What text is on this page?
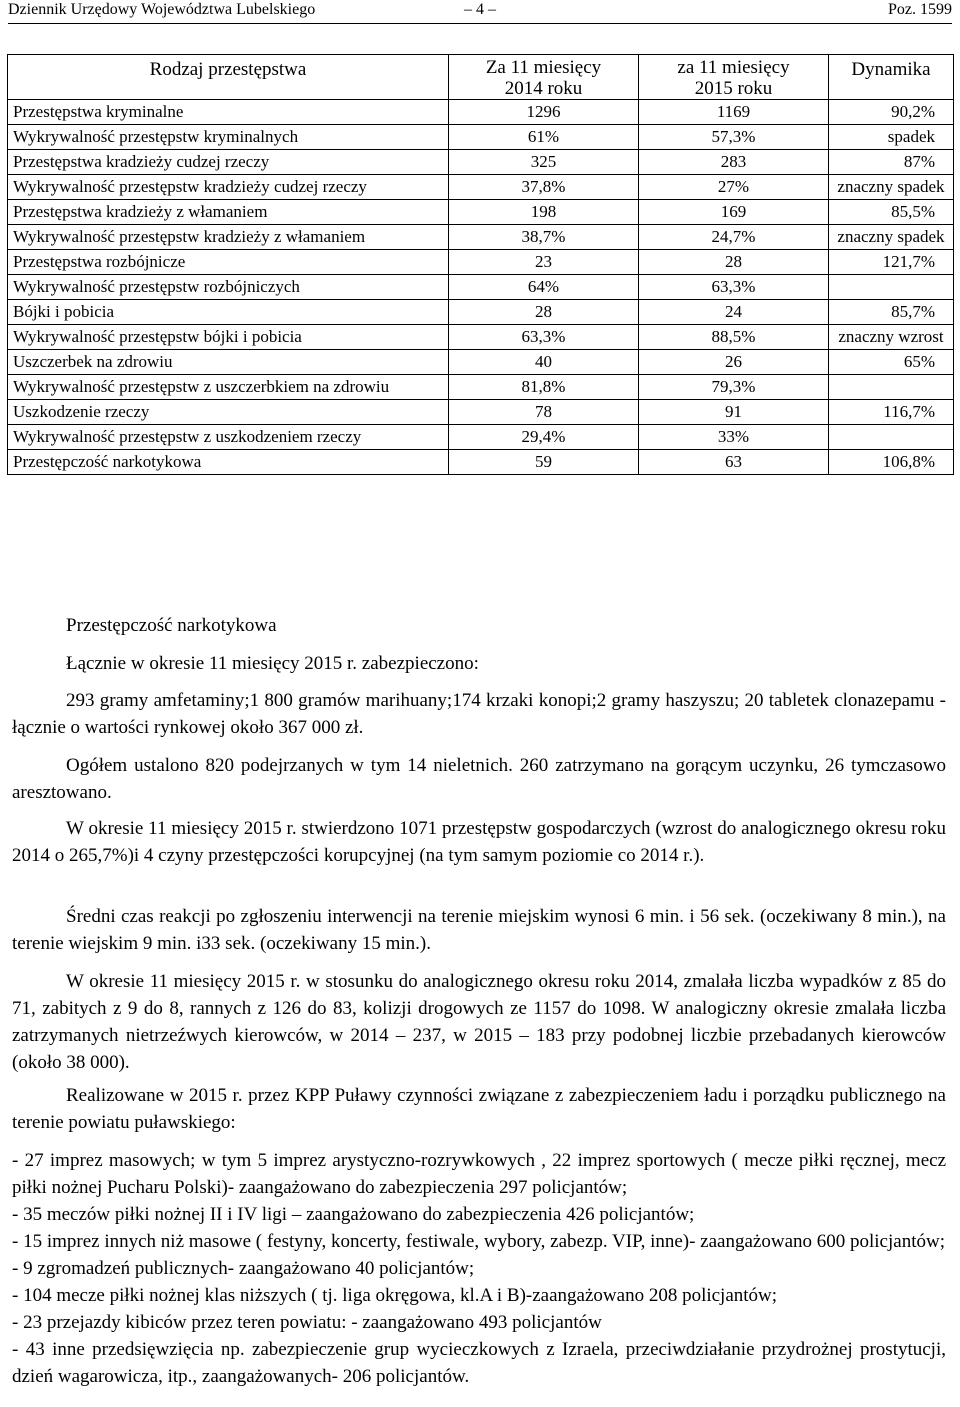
Dziennik Urzędowy Województwa Lubelskiego	– 4 –	Poz. 1599
Rodzaj przestępstwa	Za 11 miesięcy 2014 roku	za 11 miesięcy 2015 roku	Dynamika
Przestępstwa kryminalne	1296	1169	90,2%
Wykrywalność przestępstw kryminalnych	61%	57,3%	spadek
Przestępstwa kradzieży cudzej rzeczy	325	283	87%
Wykrywalność przestępstw kradzieży cudzej rzeczy	37,8%	27%	znaczny spadek
Przestępstwa kradzieży z włamaniem	198	169	85,5%
Wykrywalność przestępstw kradzieży z włamaniem	38,7%	24,7%	znaczny spadek
Przestępstwa rozbójnicze	23	28	121,7%
Wykrywalność przestępstw rozbójniczych	64%	63,3%	
Bójki i pobicia	28	24	85,7%
Wykrywalność przestępstw bójki i pobicia	63,3%	88,5%	znaczny wzrost
Uszczerbek na zdrowiu	40	26	65%
Wykrywalność przestępstw z uszczerbkiem na zdrowiu	81,8%	79,3%	
Uszkodzenie rzeczy	78	91	116,7%
Wykrywalność przestępstw z uszkodzeniem rzeczy	29,4%	33%	
Przestępczość narkotykowa	59	63	106,8%
Przestępczość narkotykowa
Łącznie w okresie 11 miesięcy 2015 r. zabezpieczono:
293 gramy amfetaminy;1 800 gramów marihuany;174 krzaki konopi;2 gramy haszyszu; 20 tabletek clonazepamu - łącznie o wartości rynkowej około 367 000 zł.
Ogółem ustalono 820 podejrzanych w tym 14 nieletnich. 260 zatrzymano na gorącym uczynku, 26 tymczasowo aresztowano.
W okresie 11 miesięcy 2015 r. stwierdzono 1071 przestępstw gospodarczych (wzrost do analogicznego okresu roku 2014 o 265,7%)i 4 czyny przestępczości korupcyjnej (na tym samym poziomie co 2014 r.).
Średni czas reakcji po zgłoszeniu interwencji na terenie miejskim wynosi 6 min. i 56 sek. (oczekiwany 8 min.), na terenie wiejskim 9 min. i33 sek. (oczekiwany 15 min.).
W okresie 11 miesięcy 2015 r. w stosunku do analogicznego okresu roku 2014, zmalała liczba wypadków z 85 do 71, zabitych z 9 do 8, rannych z 126 do 83, kolizji drogowych ze 1157 do 1098. W analogiczny okresie zmalała liczba zatrzymanych nietrzeźwych kierowców, w 2014 – 237, w 2015 – 183 przy podobnej liczbie przebadanych kierowców (około 38 000).
Realizowane w 2015 r. przez KPP Puławy czynności związane z zabezpieczeniem ładu i porządku publicznego na terenie powiatu puławskiego:
- 27 imprez masowych; w tym 5 imprez arystyczno-rozrywkowych , 22 imprez sportowych ( mecze piłki ręcznej, mecz piłki nożnej Pucharu Polski)- zaangażowano do zabezpieczenia 297 policjantów;
- 35 meczów piłki nożnej II i IV ligi – zaangażowano do zabezpieczenia 426 policjantów;
- 15 imprez innych niż masowe ( festyny, koncerty, festiwale, wybory, zabezp. VIP, inne)- zaangażowano 600 policjantów;
- 9 zgromadzeń publicznych- zaangażowano 40 policjantów;
- 104 mecze piłki nożnej klas niższych ( tj. liga okręgowa, kl.A i B)-zaangażowano 208 policjantów;
- 23 przejazdy kibiców przez teren powiatu: - zaangażowano 493 policjantów
- 43 inne przedsięwzięcia np. zabezpieczenie grup wycieczkowych z Izraela, przeciwdziałanie przydrożnej prostytucji, dzień wagarowicza, itp., zaangażowanych- 206 policjantów.
